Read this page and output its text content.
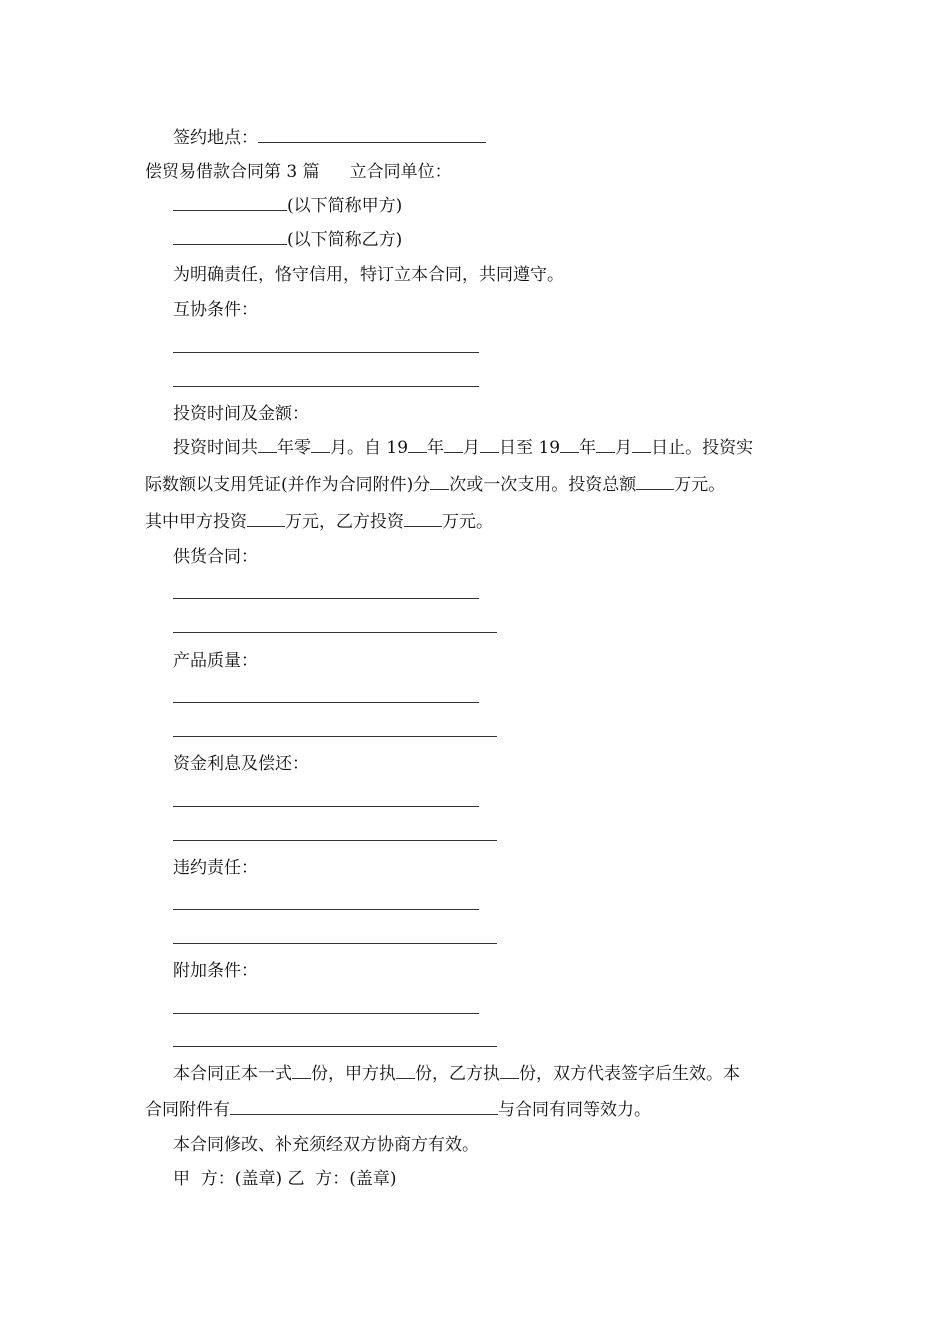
签约地点：
偿贸易借款合同第 3 篇 立合同单位：
(以下简称甲方)
(以下简称乙方)
为明确责任，恪守信用，特订立本合同，共同遵守。
互协条件：
投资时间及金额：
投资时间共 年零 月。自 19 年 月 日至 19 年 月 日止。投资实
际数额以支用凭证(并作为合同附件)分 次或一次支用。投资总额 万元。
其中甲方投资 万元，乙方投资 万元。
供货合同：
产品质量：
资金利息及偿还：
违约责任：
附加条件：
本合同正本一式 份，甲方执 份，乙方执 份，双方代表签字后生效。本
合同附件有	与合同有同等效力。
本合同修改、补充须经双方协商方有效。
甲  方：(盖章) 乙  方：(盖章)
